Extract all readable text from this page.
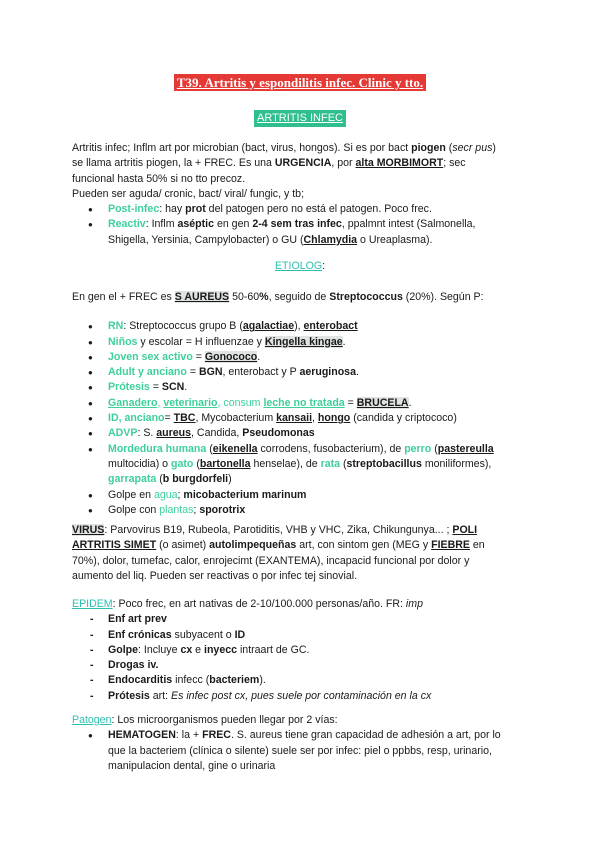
T39. Artritis y espondilitis infec. Clinic y tto.
ARTRITIS INFEC

Artritis infec; Inflm art por microbian (bact, virus, hongos). Si es por bact piogen (secr pus)

se llama artritis piogen, la + FREC. Es una URGENCIA, por alta MORBIMORT; sec

funcional hasta 50% si no tto precoz.

Pueden ser aguda/ cronic, bact/ viral/ fungic, y tb;

● Post-infec: hay prot del patogen pero no está el patogen. Poco frec.
● Reactiv: Inflm aséptic en gen 2-4 sem tras infec, ppalmnt intest (Salmonella,
Shigella, Yersinia, Campylobacter) o GU (Chlamydia o Ureaplasma).
ETIOLOG:

En gen el + FREC es S AUREUS 50-60%, seguido de Streptococcus (20%). Según P:

● RN: Streptococcus grupo B (agalactiae), enterobact
● Niños y escolar = H influenzae y Kingella kingae.
● Joven sex activo = Gonococo.
● Adult y anciano = BGN, enterobact y P aeruginosa.
● Prótesis = SCN.
● Ganadero, veterinario, consum leche no tratada = BRUCELA.
● ID, anciano= TBC, Mycobacterium kansaii, hongo (candida y criptococo)
● ADVP: S. aureus, Candida, Pseudomonas
● Mordedura humana (eikenella corrodens, fusobacterium), de perro (pastereulla
multocidia) o gato (bartonella henselae), de rata (streptobacillus moniliformes),
garrapata (b burgdorfeli)
● Golpe en agua; micobacterium marinum
● Golpe con plantas; sporotrix

VIRUS: Parvovirus B19, Rubeola, Parotiditis, VHB y VHC, Zika, Chikungunya... ; POLI

ARTRITIS SIMET (o asimet) autolimpequeñas art, con sintom gen (MEG y FIEBRE en

70%), dolor, tumefac, calor, enrojecimt (EXANTEMA), incapacid funcional por dolor y

aumento del liq. Pueden ser reactivas o por infec tej sinovial.

EPIDEM: Poco frec, en art nativas de 2-10/100.000 personas/año. FR: imp

- Enf art prev
- Enf crónicas subyacent o ID
- Golpe: Incluye cx e inyecc intraart de GC.
- Drogas iv.
- Endocarditis infecc (bacteriem).
- Prótesis art: Es infec post cx, pues suele por contaminación en la cx

Patogen: Los microorganismos pueden llegar por 2 vías:

● HEMATOGEN: la + FREC. S. aureus tiene gran capacidad de adhesión a art, por lo
que la bacteriem (clínica o silente) suele ser por infec: piel o ppbbs, resp, urinario,
manipulacion dental, gine o urinaria
